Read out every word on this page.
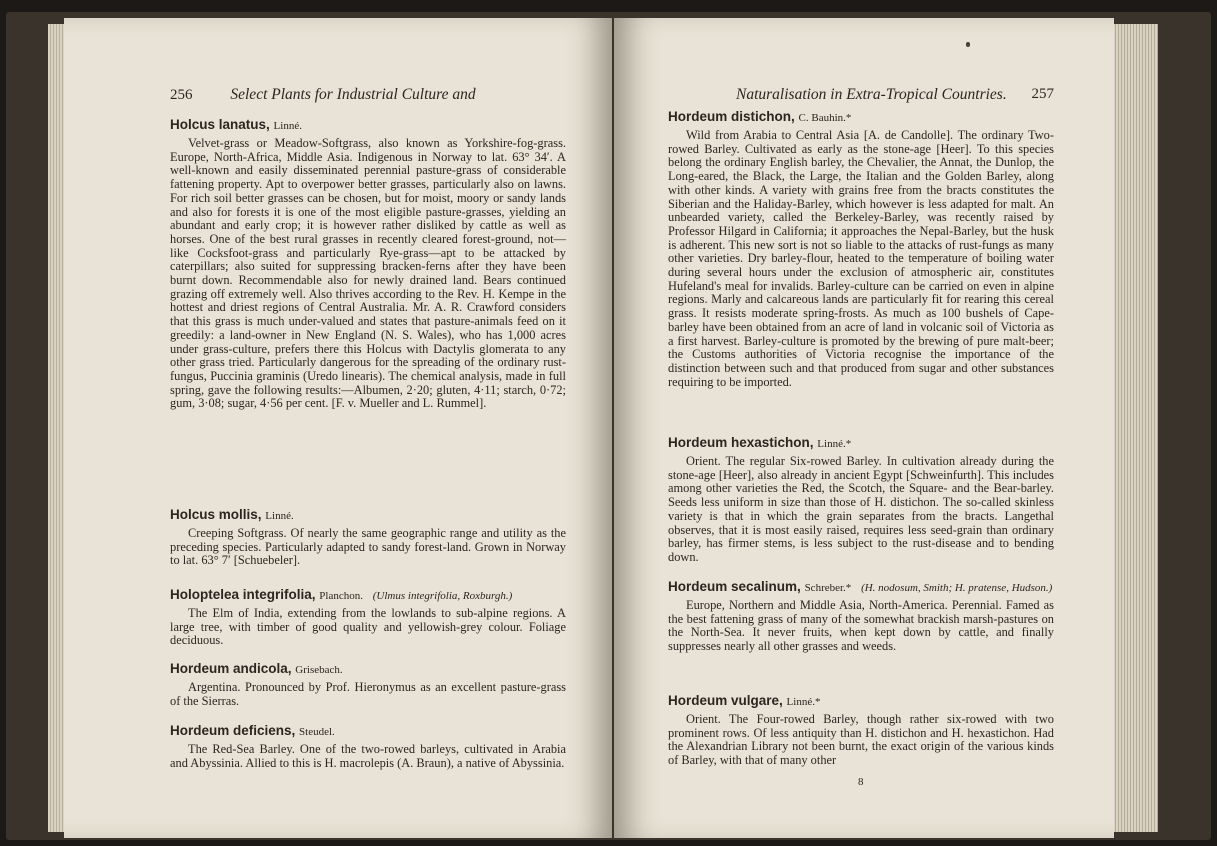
256 Select Plants for Industrial Culture and
Holcus lanatus, Linné.
Velvet-grass or Meadow-Softgrass, also known as Yorkshire-fog-grass. Europe, North-Africa, Middle Asia. Indigenous in Norway to lat. 63° 34′. A well-known and easily disseminated perennial pasture-grass of considerable fattening property. Apt to overpower better grasses, particularly also on lawns. For rich soil better grasses can be chosen, but for moist, moory or sandy lands and also for forests it is one of the most eligible pasture-grasses, yielding an abundant and early crop; it is however rather disliked by cattle as well as horses. One of the best rural grasses in recently cleared forest-ground, not—like Cocksfoot-grass and particularly Rye-grass—apt to be attacked by caterpillars; also suited for suppressing bracken-ferns after they have been burnt down. Recommendable also for newly drained land. Bears continued grazing off extremely well. Also thrives according to the Rev. H. Kempe in the hottest and driest regions of Central Australia. Mr. A. R. Crawford considers that this grass is much under-valued and states that pasture-animals feed on it greedily: a land-owner in New England (N. S. Wales), who has 1,000 acres under grass-culture, prefers there this Holcus with Dactylis glomerata to any other grass tried. Particularly dangerous for the spreading of the ordinary rust-fungus, Puccinia graminis (Uredo linearis). The chemical analysis, made in full spring, gave the following results:—Albumen, 2·20; gluten, 4·11; starch, 0·72; gum, 3·08; sugar, 4·56 per cent. [F. v. Mueller and L. Rummel].
Holcus mollis, Linné.
Creeping Softgrass. Of nearly the same geographic range and utility as the preceding species. Particularly adapted to sandy forest-land. Grown in Norway to lat. 63° 7′ [Schuebeler].
Holoptelea integrifolia, Planchon. (Ulmus integrifolia, Roxburgh.)
The Elm of India, extending from the lowlands to sub-alpine regions. A large tree, with timber of good quality and yellowish-grey colour. Foliage deciduous.
Hordeum andicola, Grisebach.
Argentina. Pronounced by Prof. Hieronymus as an excellent pasture-grass of the Sierras.
Hordeum deficiens, Steudel.
The Red-Sea Barley. One of the two-rowed barleys, cultivated in Arabia and Abyssinia. Allied to this is H. macrolepis (A. Braun), a native of Abyssinia.
Naturalisation in Extra-Tropical Countries. 257
Hordeum distichon, C. Bauhin.*
Wild from Arabia to Central Asia [A. de Candolle]. The ordinary Two-rowed Barley. Cultivated as early as the stone-age [Heer]. To this species belong the ordinary English barley, the Chevalier, the Annat, the Dunlop, the Long-eared, the Black, the Large, the Italian and the Golden Barley, along with other kinds. A variety with grains free from the bracts constitutes the Siberian and the Haliday-Barley, which however is less adapted for malt. An unbearded variety, called the Berkeley-Barley, was recently raised by Professor Hilgard in California; it approaches the Nepal-Barley, but the husk is adherent. This new sort is not so liable to the attacks of rust-fungs as many other varieties. Dry barley-flour, heated to the temperature of boiling water during several hours under the exclusion of atmospheric air, constitutes Hufeland's meal for invalids. Barley-culture can be carried on even in alpine regions. Marly and calcareous lands are particularly fit for rearing this cereal grass. It resists moderate spring-frosts. As much as 100 bushels of Cape-barley have been obtained from an acre of land in volcanic soil of Victoria as a first harvest. Barley-culture is promoted by the brewing of pure malt-beer; the Customs authorities of Victoria recognise the importance of the distinction between such and that produced from sugar and other substances requiring to be imported.
Hordeum hexastichon, Linné.*
Orient. The regular Six-rowed Barley. In cultivation already during the stone-age [Heer], also already in ancient Egypt [Schweinfurth]. This includes among other varieties the Red, the Scotch, the Square- and the Bear-barley. Seeds less uniform in size than those of H. distichon. The so-called skinless variety is that in which the grain separates from the bracts. Langethal observes, that it is most easily raised, requires less seed-grain than ordinary barley, has firmer stems, is less subject to the rust-disease and to bending down.
Hordeum secalinum, Schreber.* (H. nodosum, Smith; H. pratense, Hudson.)
Europe, Northern and Middle Asia, North-America. Perennial. Famed as the best fattening grass of many of the somewhat brackish marsh-pastures on the North-Sea. It never fruits, when kept down by cattle, and finally suppresses nearly all other grasses and weeds.
Hordeum vulgare, Linné.*
Orient. The Four-rowed Barley, though rather six-rowed with two prominent rows. Of less antiquity than H. distichon and H. hexastichon. Had the Alexandrian Library not been burnt, the exact origin of the various kinds of Barley, with that of many other
8
